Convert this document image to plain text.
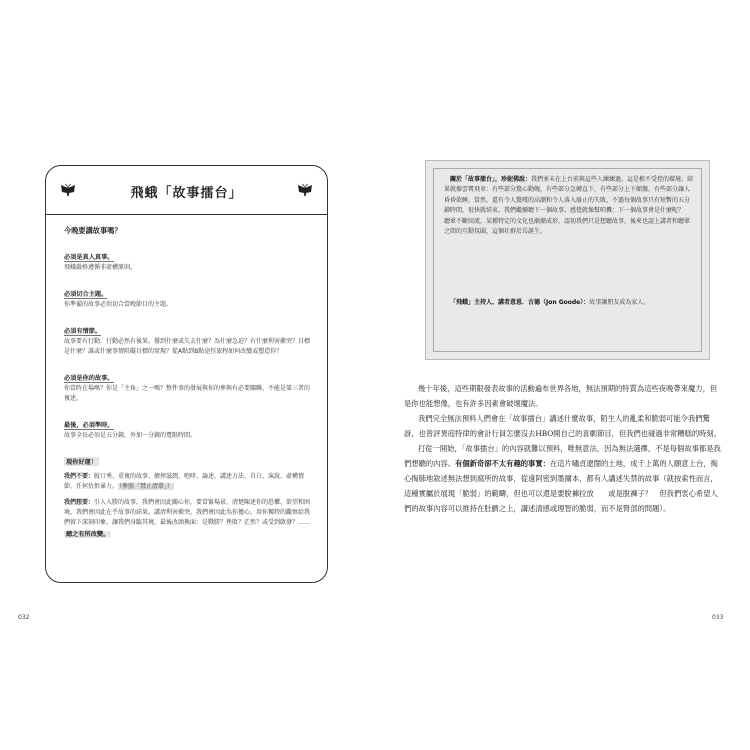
飛蛾「故事擂台」
今晚要講故事嗎？
必須是真人真事。

飛蛾嚴格遵循非虛構原則。

必須切合主題。

你準備的故事必須切合當晚節目的主題。

必須有情節。

故事要有行動，行動必然有後果。撐到什麼或失去什麼？為什麼急迫？有什麼利害衝突？目標是什麼？誰或什麼事情阻礙目標的實現？從A點到B點途徑旅程如何改變或塑造你？

必須是你的故事。

你當時在場嗎？你是「主角」之一嗎？整件事的發展與你的參與有必要關聯，不能是第三者的複述。

最後，必須準時。

故事全長必須是五分鐘，外加一分鐘的寬限時間。

現你好運！

我們不要：脫口秀、重複的故事、擠搾滋潤、咆哮、論述、講述方法、自白、演說、虛構情節、任何仇恨暴力。（參照「禁止清單」）

我們想要：引人入勝的故事。我們會因此關心你，要當緊場景，清楚陳述你的恐懼、欲望和困境，我們會因此在乎故事的結果。講清利害衝突，我們會因此為你擔心。用你獨特的觀察給我們留下深刻印象。讓我們身臨其境，最後改頭換面：是戰勝？挫敗？茫然？或受到啟發？……

總之有所改變。

關於「故事擂台」，珍妮佛說：我們並未在上台前與這些人練練過，這是根不受控的環境。結果就像雲霄飛車：有些部分驚心動魄，有些部分急轉直下，有些部分上下顛簸，有些部分讓人昏昏欲睡，當然，還有令人驚嘆的高潮和令人落入廢止的失敗，不過每個故事只有短暫的五分鐘時間，很快就結束，我們繼續聽下一個故事。感覺就像幫唱機：下一個故事會是什麼呢？
聽眾不斷回流，某種特定的文化也漸漸成形，認初我們只是想聽故事，後來也認上講者和聽眾之間的互動氛圍，這個社群於焉誕生。

「飛蛾」主持人、講者意恩．古德（Jon Goode）：故事讓朋友成為家人。

幾十年後，這些期限發表故事的活動遍布世界各地，無法預期的特質為這些夜晚帶來魔力，但是你也能想像，也有許多因素會破壞魔法。

我們完全無法預料人們會在「故事擂台」講述什麼故事，陌生人的亂柔和脆弱可能令我們驚訝，也曾評異庭特律的會計行員怎麼沒去HBO開自己的喜劇節目，但我們也碰過非常糟糕的時刻。

打從一開始，「故事擂台」的內容就難以預料，唯無意法，因為無法選擇，不是每個故事都是我們想聽的內容。有個新奇卻不太有趣的事實：在這片嘯貞遼闊的土地，成千上萬的人願意上台，掏心掏肺地敘述無法想到腐所的故事，從遠阿密到墨爾本，都有人講述失禁的故事（就按索性而言，這種實屬於展現「脆弱」的範疇，但也可以還是要脫褲拉放　　或是脫褲子？　但我們衷心希望人們的故事內容可以推持在肚臍之上，講述清感或理智的脆弱，而不是腎部的問題）。

032	033
